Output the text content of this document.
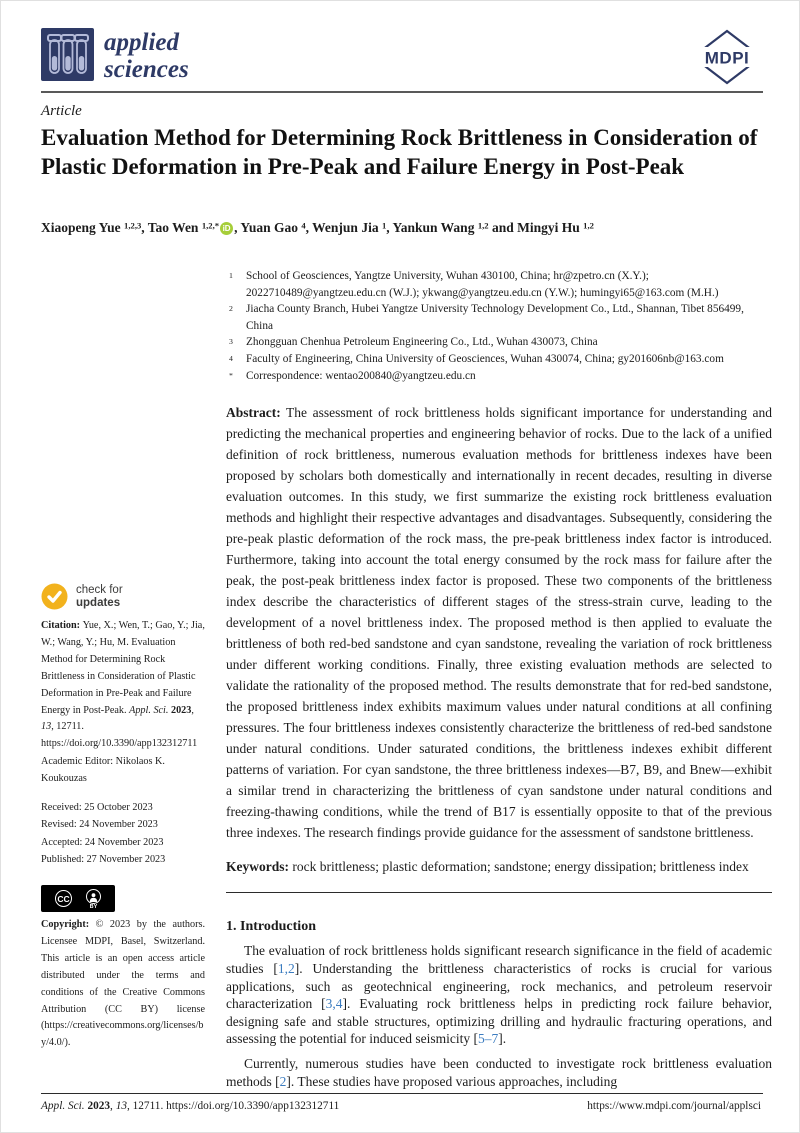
applied
sciences	MDPI
Article
Evaluation Method for Determining Rock Brittleness in Consideration of Plastic Deformation in Pre-Peak and Failure Energy in Post-Peak
Xiaopeng Yue $^{1,2,3}$, Tao Wen $^{1,2,*}$ iD , Yuan Gao $^4$, Wenjun Jia $^1$, Yankun Wang $^{1,2}$ and Mingyi Hu $^{1,2}$
1 School of Geosciences, Yangtze University, Wuhan 430100, China; hr@zpetro.cn (X.Y.); 2022710489@yangtzeu.edu.cn (W.J.); ykwang@yangtzeu.edu.cn (Y.W.); humingyi65@163.com (M.H.)
2 Jiacha County Branch, Hubei Yangtze University Technology Development Co., Ltd., Shannan, Tibet 856499, China
3 Zhongguan Chenhua Petroleum Engineering Co., Ltd., Wuhan 430073, China
4 Faculty of Engineering, China University of Geosciences, Wuhan 430074, China; gy201606nb@163.com
* Correspondence: wentao200840@yangtzeu.edu.cn
Abstract: The assessment of rock brittleness holds significant importance for understanding and predicting the mechanical properties and engineering behavior of rocks. Due to the lack of a unified definition of rock brittleness, numerous evaluation methods for brittleness indexes have been proposed by scholars both domestically and internationally in recent decades, resulting in diverse evaluation outcomes. In this study, we first summarize the existing rock brittleness evaluation methods and highlight their respective advantages and disadvantages. Subsequently, considering the pre-peak plastic deformation of the rock mass, the pre-peak brittleness index factor is introduced. Furthermore, taking into account the total energy consumed by the rock mass for failure after the peak, the post-peak brittleness index factor is proposed. These two components of the brittleness index describe the characteristics of different stages of the stress-strain curve, leading to the development of a novel brittleness index. The proposed method is then applied to evaluate the brittleness of both red-bed sandstone and cyan sandstone, revealing the variation of rock brittleness under different working conditions. Finally, three existing evaluation methods are selected to validate the rationality of the proposed method. The results demonstrate that for red-bed sandstone, the proposed brittleness index exhibits maximum values under natural conditions at all confining pressures. The four brittleness indexes consistently characterize the brittleness of red-bed sandstone under natural conditions. Under saturated conditions, the brittleness indexes exhibit different patterns of variation. For cyan sandstone, the three brittleness indexes—B7, B9, and Bnew—exhibit a similar trend in characterizing the brittleness of cyan sandstone under natural conditions and freezing-thawing conditions, while the trend of B17 is essentially opposite to that of the previous three indexes. The research findings provide guidance for the assessment of sandstone brittleness.
Keywords: rock brittleness; plastic deformation; sandstone; energy dissipation; brittleness index
1. Introduction

The evaluation of rock brittleness holds significant research significance in the field of academic studies [1,2]. Understanding the brittleness characteristics of rocks is crucial for various applications, such as geotechnical engineering, rock mechanics, and petroleum reservoir characterization [3,4]. Evaluating rock brittleness helps in predicting rock failure behavior, designing safe and stable structures, optimizing drilling and hydraulic fracturing operations, and assessing the potential for induced seismicity [5–7].

Currently, numerous studies have been conducted to investigate rock brittleness evaluation methods [2]. These studies have proposed various approaches, including

check for
updates
Citation: Yue, X.; Wen, T.; Gao, Y.; Jia, W.; Wang, Y.; Hu, M. Evaluation Method for Determining Rock Brittleness in Consideration of Plastic Deformation in Pre-Peak and Failure Energy in Post-Peak. Appl. Sci. 2023, 13, 12711. https://doi.org/10.3390/app132312711
Academic Editor: Nikolaos K. Koukouzas
Received: 25 October 2023
Revised: 24 November 2023
Accepted: 24 November 2023
Published: 27 November 2023
CC
BY
Copyright: © 2023 by the authors. Licensee MDPI, Basel, Switzerland. This article is an open access article distributed under the terms and conditions of the Creative Commons Attribution (CC BY) license (https://creativecommons.org/licenses/by/4.0/).
Appl. Sci. 2023, 13, 12711. https://doi.org/10.3390/app132312711	https://www.mdpi.com/journal/applsci
